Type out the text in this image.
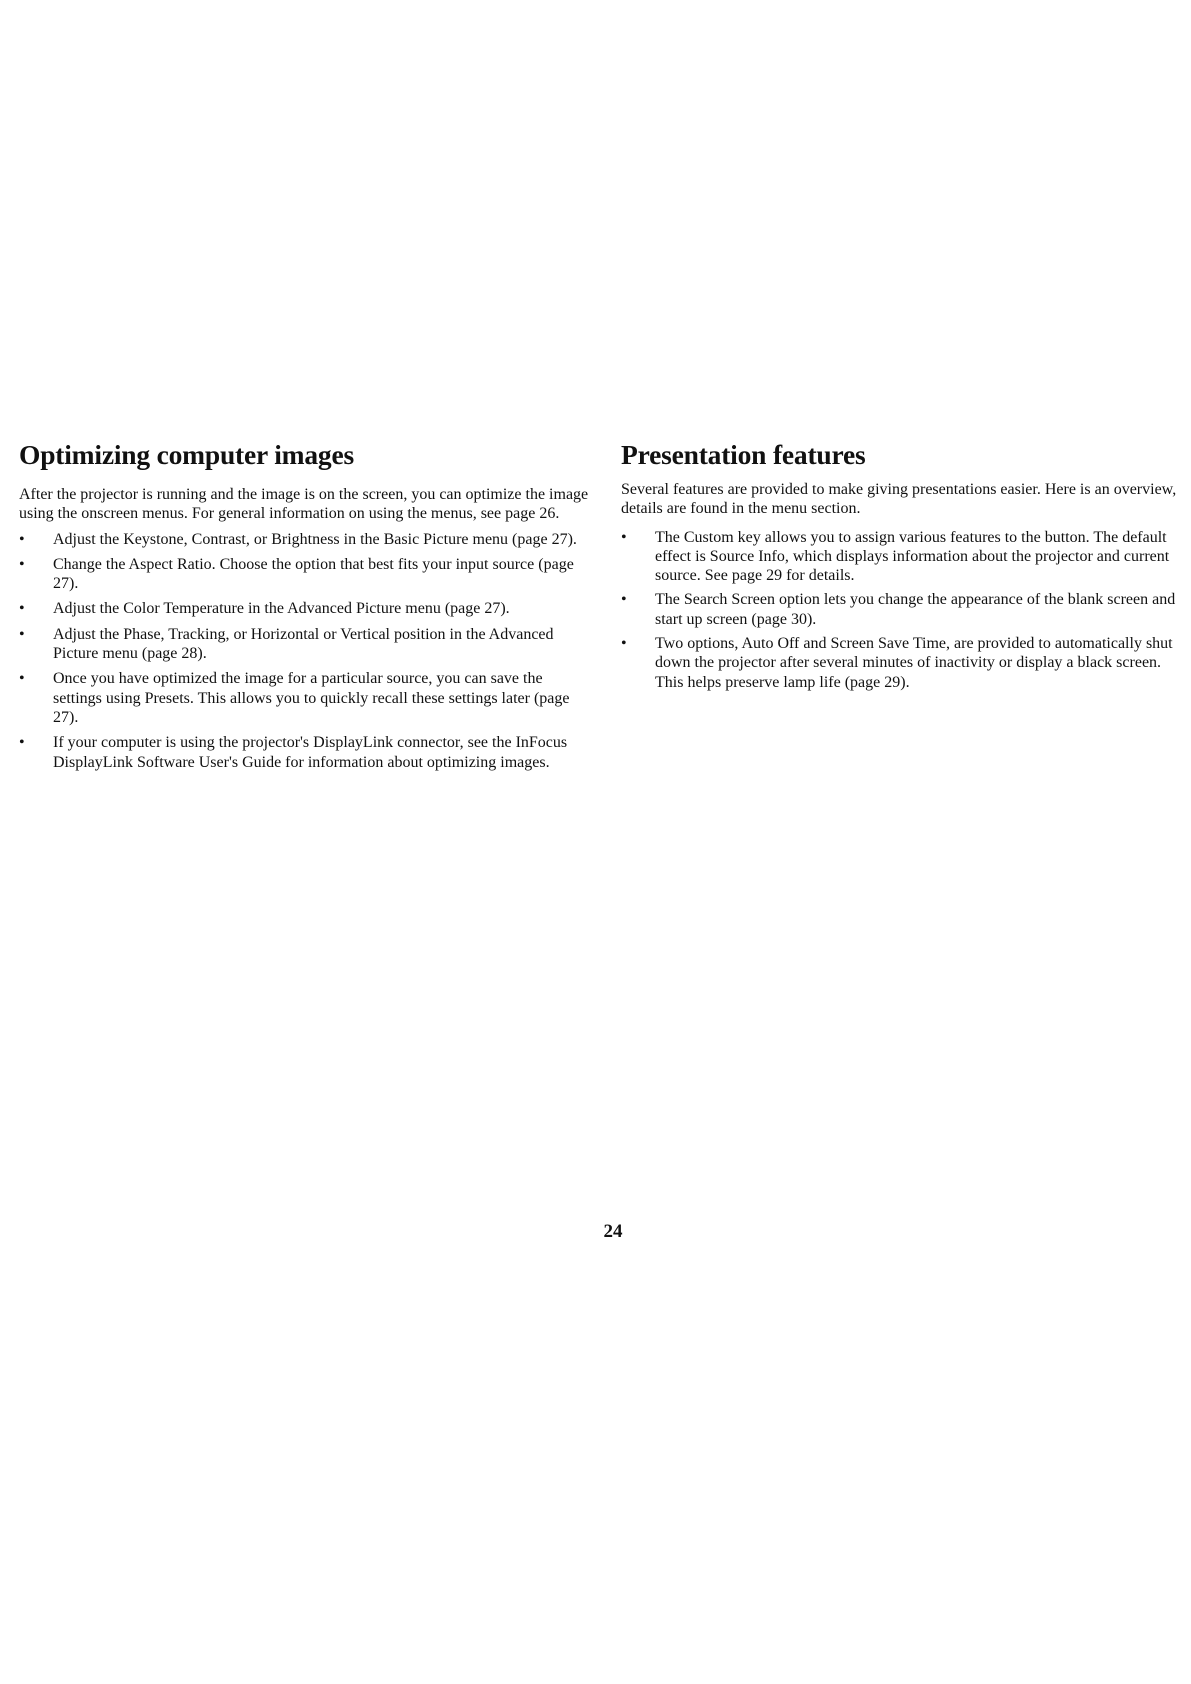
Optimizing computer images

After the projector is running and the image is on the screen, you can optimize the image using the onscreen menus. For general information on using the menus, see page 26.

• Adjust the Keystone, Contrast, or Brightness in the Basic Picture menu (page 27).
• Change the Aspect Ratio. Choose the option that best fits your input source (page 27).
• Adjust the Color Temperature in the Advanced Picture menu (page 27).
• Adjust the Phase, Tracking, or Horizontal or Vertical position in the Advanced Picture menu (page 28).
• Once you have optimized the image for a particular source, you can save the settings using Presets. This allows you to quickly recall these settings later (page 27).
• If your computer is using the projector's DisplayLink connector, see the InFocus DisplayLink Software User's Guide for information about optimizing images.
Presentation features

Several features are provided to make giving presentations easier. Here is an overview, details are found in the menu section.

• The Custom key allows you to assign various features to the button. The default effect is Source Info, which displays information about the projector and current source. See page 29 for details.
• The Search Screen option lets you change the appearance of the blank screen and start up screen (page 30).
• Two options, Auto Off and Screen Save Time, are provided to automatically shut down the projector after several minutes of inactivity or display a black screen. This helps preserve lamp life (page 29).
24
